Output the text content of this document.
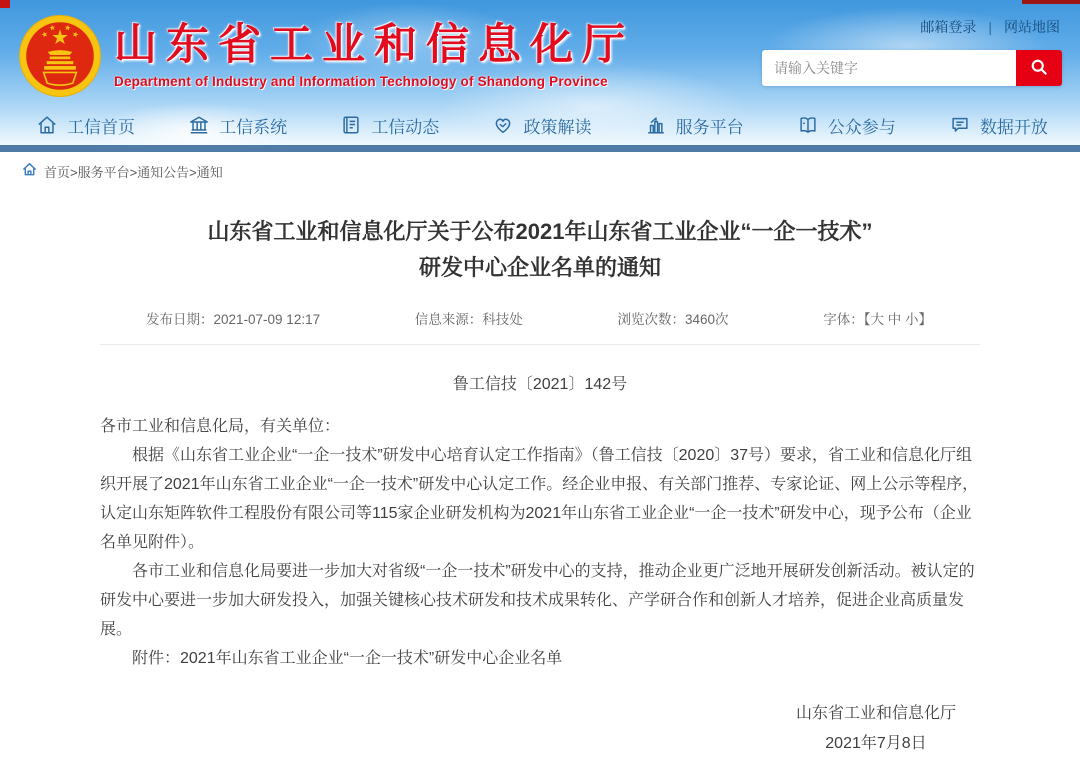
山东省工业和信息化厅
Department of Industry and Information Technology of Shandong Province
邮箱登录 | 网站地图
请输入关键字
工信首页	工信系统	工信动态	政策解读	服务平台	公众参与	数据开放
首页>服务平台>通知公告>通知
山东省工业和信息化厅关于公布2021年山东省工业企业“一企一技术”
研发中心企业名单的通知
发布日期：2021-07-09 12:17	信息来源：科技处	浏览次数：3460次	字体：【大 中 小】
鲁工信技〔2021〕142号

各市工业和信息化局，有关单位：

根据《山东省工业企业“一企一技术”研发中心培育认定工作指南》（鲁工信技〔2020〕37号）要求，省工业和信息化厅组织开展了2021年山东省工业企业“一企一技术”研发中心认定工作。经企业申报、有关部门推荐、专家论证、网上公示等程序，认定山东矩阵软件工程股份有限公司等115家企业研发机构为2021年山东省工业企业“一企一技术”研发中心，现予公布（企业名单见附件）。

各市工业和信息化局要进一步加大对省级“一企一技术”研发中心的支持，推动企业更广泛地开展研发创新活动。被认定的研发中心要进一步加大研发投入，加强关键核心技术研发和技术成果转化、产学研合作和创新人才培养，促进企业高质量发展。

附件：2021年山东省工业企业“一企一技术”研发中心企业名单

山东省工业和信息化厅
2021年7月8日
